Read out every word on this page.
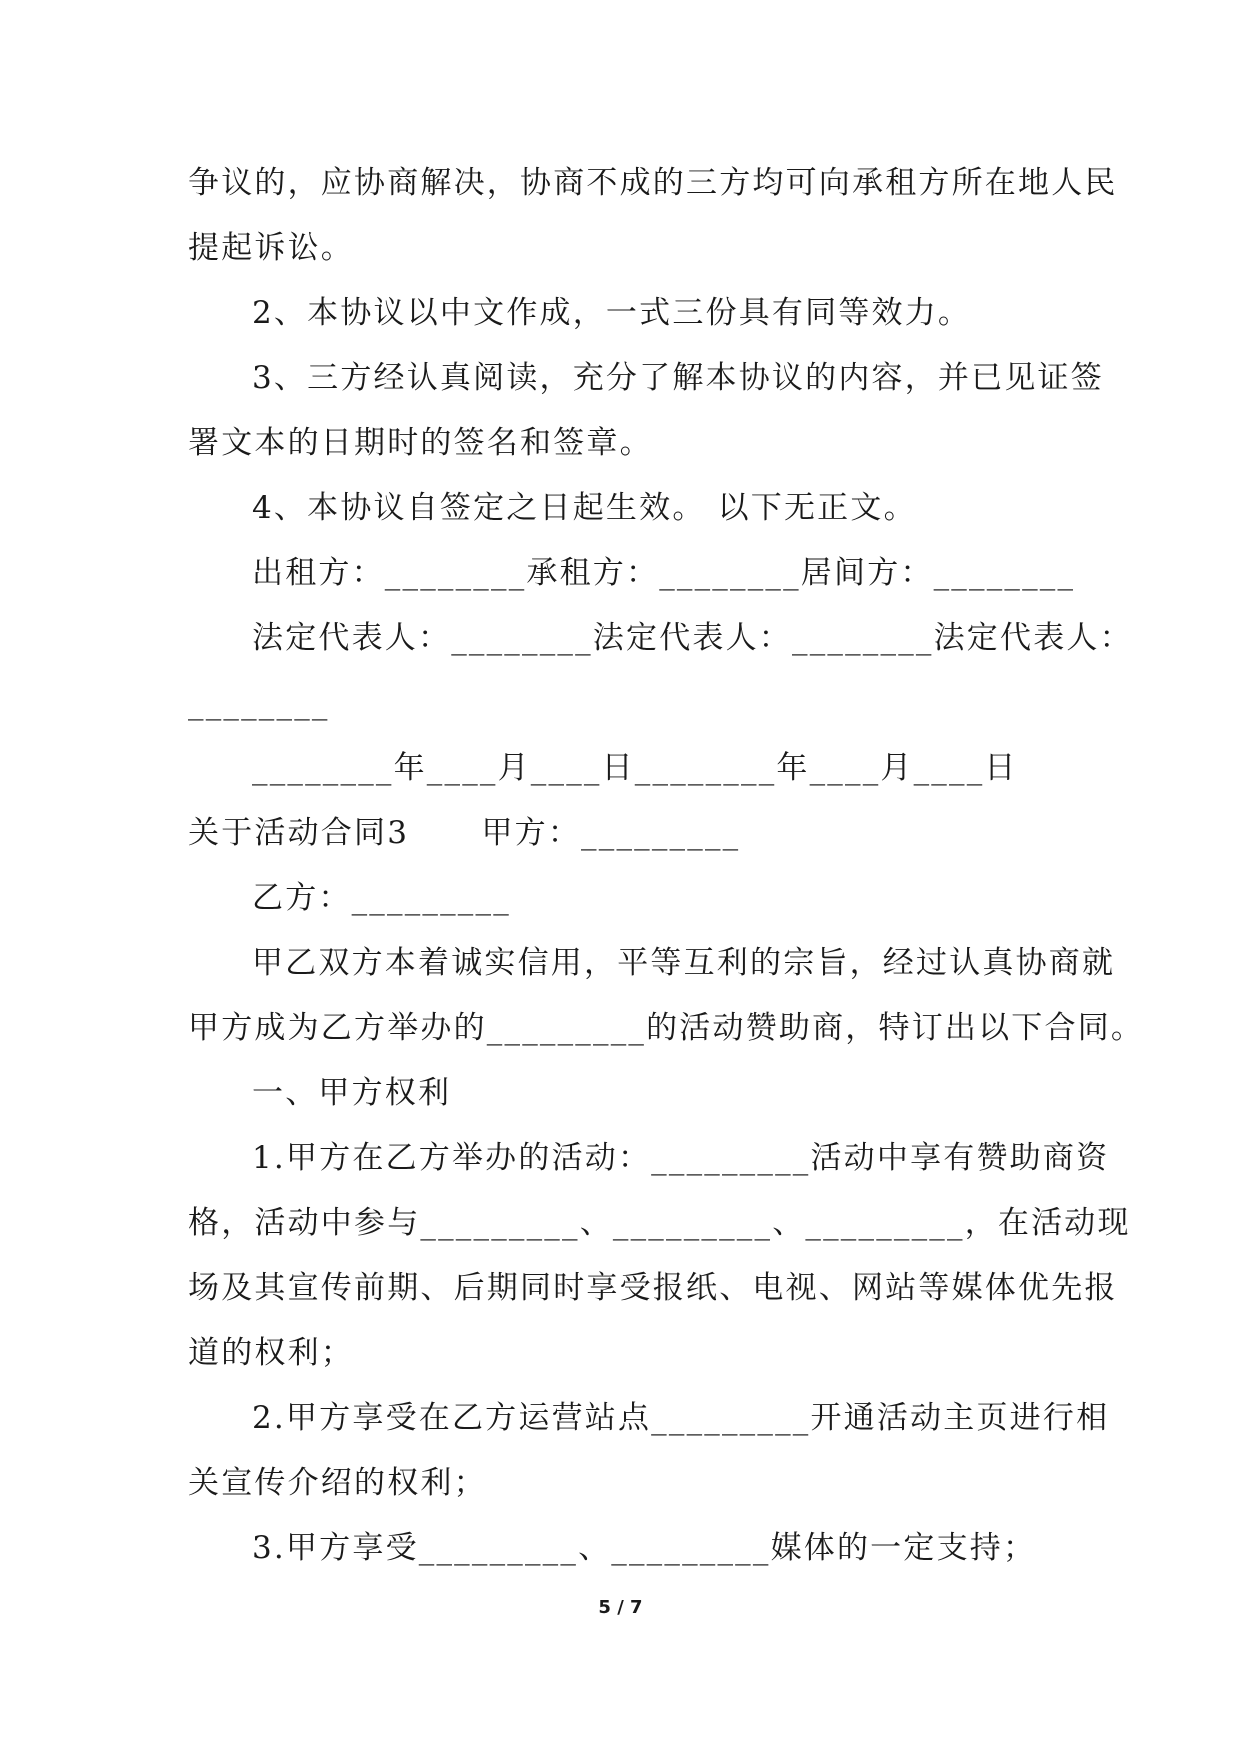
争议的，应协商解决，协商不成的三方均可向承租方所在地人民
提起诉讼。
2、本协议以中文作成，一式三份具有同等效力。
3、三方经认真阅读，充分了解本协议的内容，并已见证签
署文本的日期时的签名和签章。
4、本协议自签定之日起生效。 以下无正文。
出租方：________承租方：________居间方：________
法定代表人：________法定代表人：________法定代表人：
________
________年____月____日________年____月____日
关于活动合同3      甲方：_________
乙方：_________
甲乙双方本着诚实信用，平等互利的宗旨，经过认真协商就
甲方成为乙方举办的_________的活动赞助商，特订出以下合同。
一、甲方权利
1.甲方在乙方举办的活动：_________活动中享有赞助商资
格，活动中参与_________、_________、_________，在活动现
场及其宣传前期、后期同时享受报纸、电视、网站等媒体优先报
道的权利；
2.甲方享受在乙方运营站点_________开通活动主页进行相
关宣传介绍的权利；
3.甲方享受_________、_________媒体的一定支持；
5 / 7
